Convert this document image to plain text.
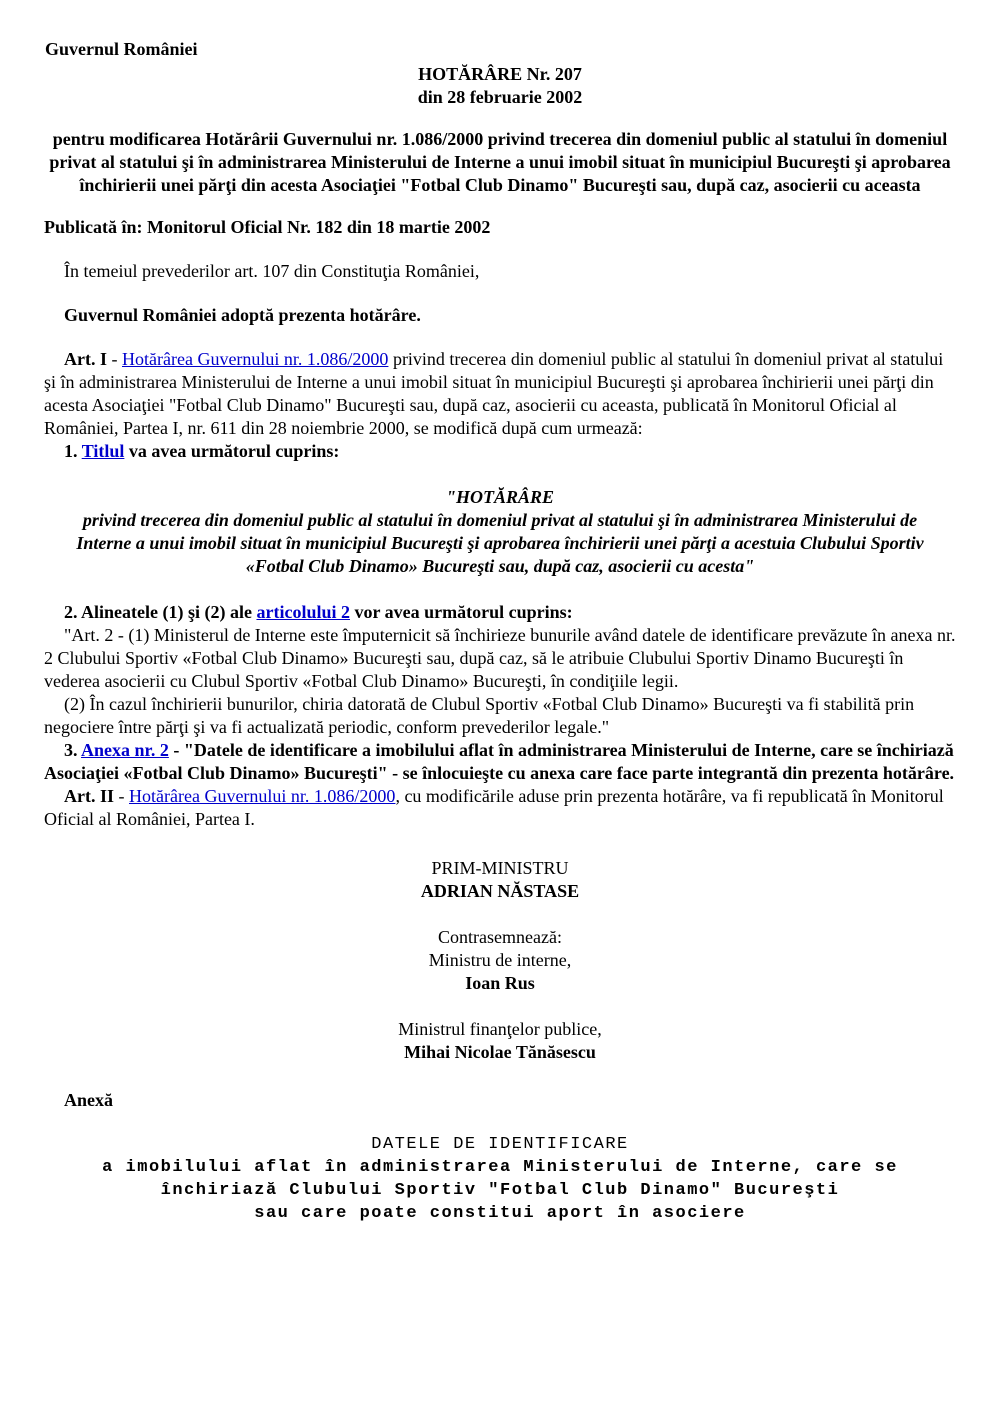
Guvernul României

HOTĂRÂRE Nr. 207

din 28 februarie 2002

pentru modificarea Hotărârii Guvernului nr. 1.086/2000 privind trecerea din domeniul public al statului în domeniul privat al statului şi în administrarea Ministerului de Interne a unui imobil situat în municipiul Bucureşti şi aprobarea închirierii unei părţi din acesta Asociaţiei "Fotbal Club Dinamo" Bucureşti sau, după caz, asocierii cu aceasta

Publicată în: Monitorul Oficial Nr. 182 din 18 martie 2002

În temeiul prevederilor art. 107 din Constituţia României,

Guvernul României adoptă prezenta hotărâre.

Art. I - Hotărârea Guvernului nr. 1.086/2000 privind trecerea din domeniul public al statului în domeniul privat al statului şi în administrarea Ministerului de Interne a unui imobil situat în municipiul Bucureşti şi aprobarea închirierii unei părţi din acesta Asociaţiei "Fotbal Club Dinamo" Bucureşti sau, după caz, asocierii cu aceasta, publicată în Monitorul Oficial al României, Partea I, nr. 611 din 28 noiembrie 2000, se modifică după cum urmează:

1. Titlul va avea următorul cuprins:

"HOTĂRÂRE

privind trecerea din domeniul public al statului în domeniul privat al statului şi în administrarea Ministerului de Interne a unui imobil situat în municipiul Bucureşti şi aprobarea închirierii unei părţi a acestuia Clubului Sportiv «Fotbal Club Dinamo» Bucureşti sau, după caz, asocierii cu acesta"

2. Alineatele (1) şi (2) ale articolului 2 vor avea următorul cuprins:

"Art. 2 - (1) Ministerul de Interne este împuternicit să închirieze bunurile având datele de identificare prevăzute în anexa nr. 2 Clubului Sportiv «Fotbal Club Dinamo» Bucureşti sau, după caz, să le atribuie Clubului Sportiv Dinamo Bucureşti în vederea asocierii cu Clubul Sportiv «Fotbal Club Dinamo» Bucureşti, în condiţiile legii.

(2) În cazul închirierii bunurilor, chiria datorată de Clubul Sportiv «Fotbal Club Dinamo» Bucureşti va fi stabilită prin negociere între părţi şi va fi actualizată periodic, conform prevederilor legale."

3. Anexa nr. 2 - "Datele de identificare a imobilului aflat în administrarea Ministerului de Interne, care se închiriază Asociaţiei «Fotbal Club Dinamo» Bucureşti" - se înlocuieşte cu anexa care face parte integrantă din prezenta hotărâre.

Art. II - Hotărârea Guvernului nr. 1.086/2000, cu modificările aduse prin prezenta hotărâre, va fi republicată în Monitorul Oficial al României, Partea I.

PRIM-MINISTRU

ADRIAN NĂSTASE

Contrasemnează:

Ministru de interne,

Ioan Rus

Ministrul finanţelor publice,

Mihai Nicolae Tănăsescu

Anexă

DATELE DE IDENTIFICARE
a imobilului aflat în administrarea Ministerului de Interne, care se
închiriază Clubului Sportiv "Fotbal Club Dinamo" Bucureşti
sau care poate constitui aport în asociere
